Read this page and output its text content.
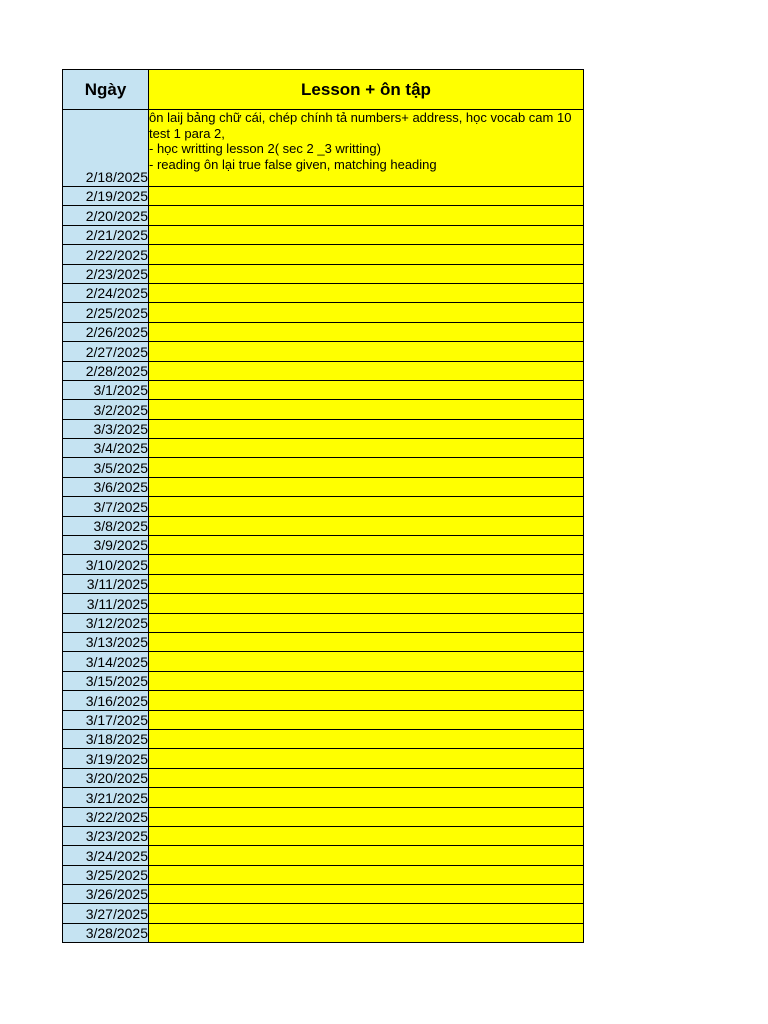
Ngày	Lesson + ôn tập
2/18/2025	ôn laij bảng chữ cái, chép chính tả numbers+ address, học vocab cam 10 test 1 para 2,
- học writting lesson 2( sec 2 _3 writting)
- reading ôn lại true false given, matching heading

2/19/2025	
2/20/2025	
2/21/2025	
2/22/2025	
2/23/2025	
2/24/2025	
2/25/2025	
2/26/2025	
2/27/2025	
2/28/2025	
3/1/2025	
3/2/2025	
3/3/2025	
3/4/2025	
3/5/2025	
3/6/2025	
3/7/2025	
3/8/2025	
3/9/2025	
3/10/2025	
3/11/2025	
3/11/2025	
3/12/2025	
3/13/2025	
3/14/2025	
3/15/2025	
3/16/2025	
3/17/2025	
3/18/2025	
3/19/2025	
3/20/2025	
3/21/2025	
3/22/2025	
3/23/2025	
3/24/2025	
3/25/2025	
3/26/2025	
3/27/2025	
3/28/2025	
